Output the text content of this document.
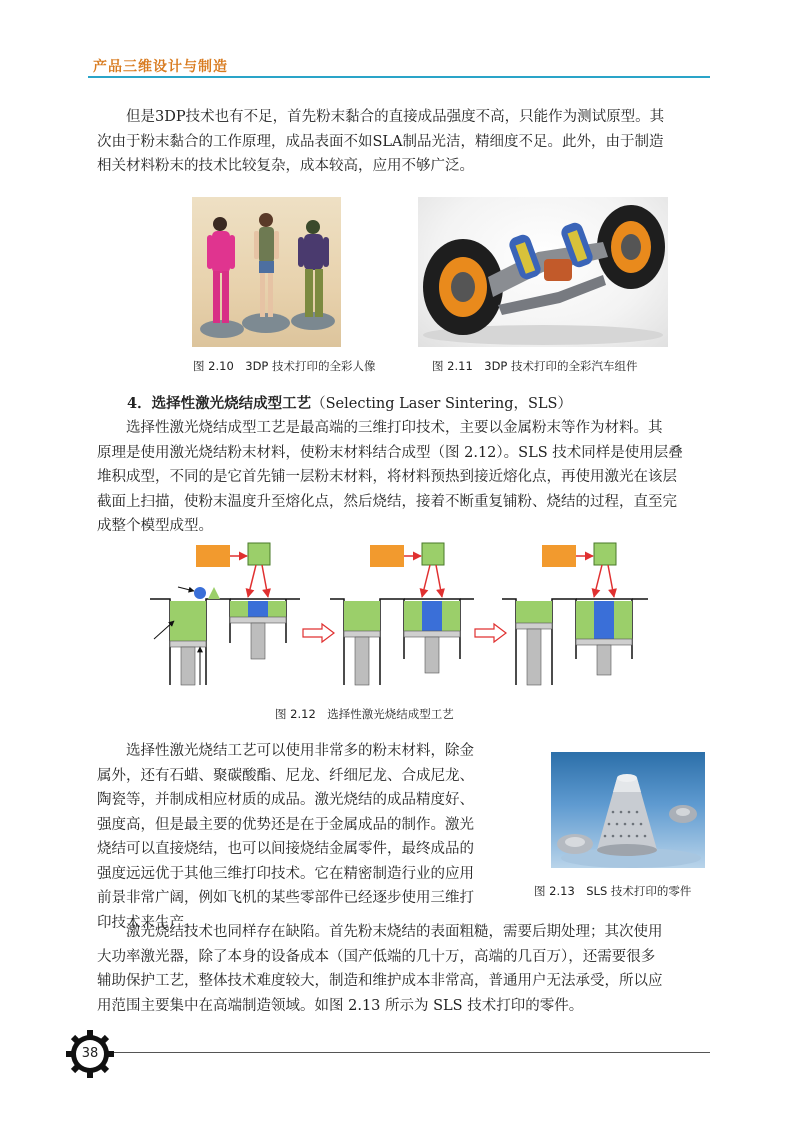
产品三维设计与制造
但是3DP技术也有不足，首先粉末黏合的直接成品强度不高，只能作为测试原型。其
次由于粉末黏合的工作原理，成品表面不如SLA制品光洁，精细度不足。此外，由于制造
相关材料粉末的技术比较复杂，成本较高，应用不够广泛。
图 2.10　3DP 技术打印的全彩人像	图 2.11　3DP 技术打印的全彩汽车组件
4．选择性激光烧结成型工艺（Selecting Laser Sintering，SLS）
选择性激光烧结成型工艺是最高端的三维打印技术，主要以金属粉末等作为材料。其
原理是使用激光烧结粉末材料，使粉末材料结合成型（图 2.12）。SLS 技术同样是使用层叠
堆积成型，不同的是它首先铺一层粉末材料，将材料预热到接近熔化点，再使用激光在该层
截面上扫描，使粉末温度升至熔化点，然后烧结，接着不断重复铺粉、烧结的过程，直至完
成整个模型成型。
图 2.12　选择性激光烧结成型工艺
选择性激光烧结工艺可以使用非常多的粉末材料，除金
属外，还有石蜡、聚碳酸酯、尼龙、纤细尼龙、合成尼龙、
陶瓷等，并制成相应材质的成品。激光烧结的成品精度好、
强度高，但是最主要的优势还是在于金属成品的制作。激光
烧结可以直接烧结，也可以间接烧结金属零件，最终成品的
强度远远优于其他三维打印技术。它在精密制造行业的应用
前景非常广阔，例如飞机的某些零部件已经逐步使用三维打
印技术来生产。
图 2.13　SLS 技术打印的零件
激光烧结技术也同样存在缺陷。首先粉末烧结的表面粗糙，需要后期处理；其次使用
大功率激光器，除了本身的设备成本（国产低端的几十万，高端的几百万），还需要很多
辅助保护工艺，整体技术难度较大，制造和维护成本非常高，普通用户无法承受，所以应
用范围主要集中在高端制造领域。如图 2.13 所示为 SLS 技术打印的零件。
38
